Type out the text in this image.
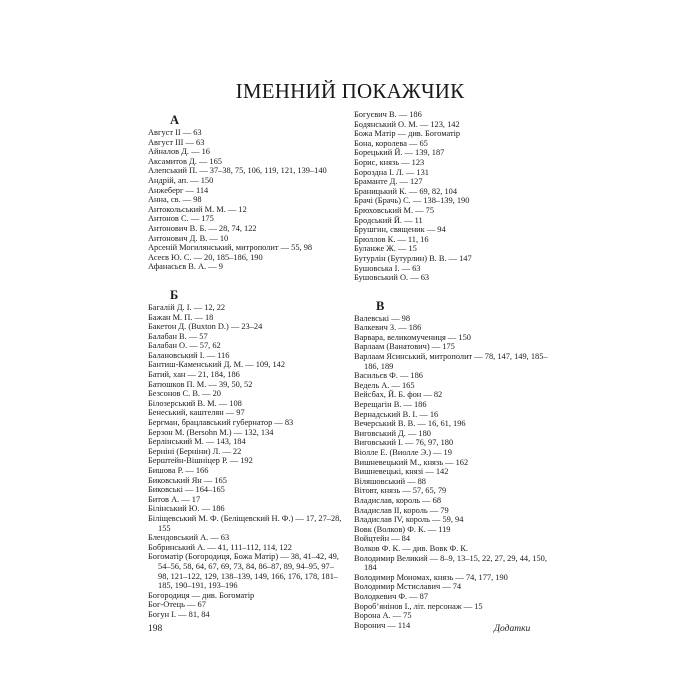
ІМЕННИЙ ПОКАЖЧИК
А
Август ІІ — 63
Август ІІІ — 63
Айналов Д. — 16
Аксамитов Д. — 165
Алепський П. — 37–38, 75, 106, 119, 121, 139–140
Андрій, ап. — 150
Анжеберг — 114
Анна, св. — 98
Антокольський М. М. — 12
Антонов С. — 175
Антонович В. Б. — 28, 74, 122
Антонович Д. В. — 10
Арсеній Могилянський, митрополит — 55, 98
Асеєв Ю. С. — 20, 185–186, 190
Афанасьєв В. А. — 9
Б
Багалій Д. І. — 12, 22
Бажан М. П. — 18
Бакетон Д. (Buxton D.) — 23–24
Балабан В. — 57
Балабан О. — 57, 62
Балановський І. — 116
Бантиш-Каменський Д. М. — 109, 142
Батий, хан — 21, 184, 186
Батюшков П. М. — 39, 50, 52
Безсонов С. В. — 20
Білозерський В. М. — 108
Бенеський, каштелян — 97
Бергман, брацлавський губернатор — 83
Берзон М. (Bersohn M.) — 132, 134
Берлінський М. — 143, 184
Берніні (Берніни) Л. — 22
Берштейн-Вішніцер Р. — 192
Бишова Р. — 166
Биковський Ян — 165
Биковські — 164–165
Битов А. — 17
Білінський Ю. — 186
Біліщевський М. Ф. (Беліщевский Н. Ф.) — 17, 27–28, 155
Блендовський А. — 63
Бобринський А. — 41, 111–112, 114, 122
Богоматір (Богородиця, Божа Матір) — 38, 41–42, 49, 54–56, 58, 64, 67, 69, 73, 84, 86–87, 89, 94–95, 97–98, 121–122, 129, 138–139, 149, 166, 176, 178, 181–185, 190–191, 193–196
Богородиця — див. Богоматір
Бог-Отець — 67
Богун І. — 81, 84
Богуєвич В. — 186
Бодянський О. М. — 123, 142
Божа Матір — див. Богоматір
Бона, королева — 65
Борецький Й. — 139, 187
Борис, князь — 123
Бороздна І. Л. — 131
Браманте Д. — 127
Браницький К. — 69, 82, 104
Брачі (Брачь) С. — 138–139, 190
Брюховський М. — 75
Бродський Й. — 11
Брушгин, священик — 94
Брюллов К. — 11, 16
Буланже Ж. — 15
Бутурлін (Бутурлин) В. В. — 147
Бушовська І. — 63
Бушовський О. — 63
В
Валевські — 98
Валкевич З. — 186
Варвара, великомучениця — 150
Варлаам (Ванатович) — 175
Варлаам Ясинський, митрополит — 78, 147, 149, 185–186, 189
Васильєв Ф. — 186
Ведель А. — 165
Вейсбах, Й. Б. фон — 82
Верещагін В. — 186
Вернадський В. І. — 16
Вечерський В. В. — 16, 61, 196
Виговський Д. — 180
Виговський І. — 76, 97, 180
Віолле Е. (Виолле Э.) — 19
Вишневецький М., князь — 162
Вишневецькі, князі — 142
Віляшовський — 88
Вітовт, князь — 57, 65, 79
Владислав, король — 68
Владислав ІІ, король — 79
Владислав IV, король — 59, 94
Вовк (Волков) Ф. К. — 119
Войцтейн — 84
Волков Ф. К. — див. Вовк Ф. К.
Володимир Великий — 8–9, 13–15, 22, 27, 29, 44, 150, 184
Володимир Мономах, князь — 74, 177, 190
Володимир Мстиславич — 74
Володкевич Ф. — 87
Воробʼянінов І., літ. персонаж — 15
Ворона А. — 75
Воронич — 114
198	Додатки
